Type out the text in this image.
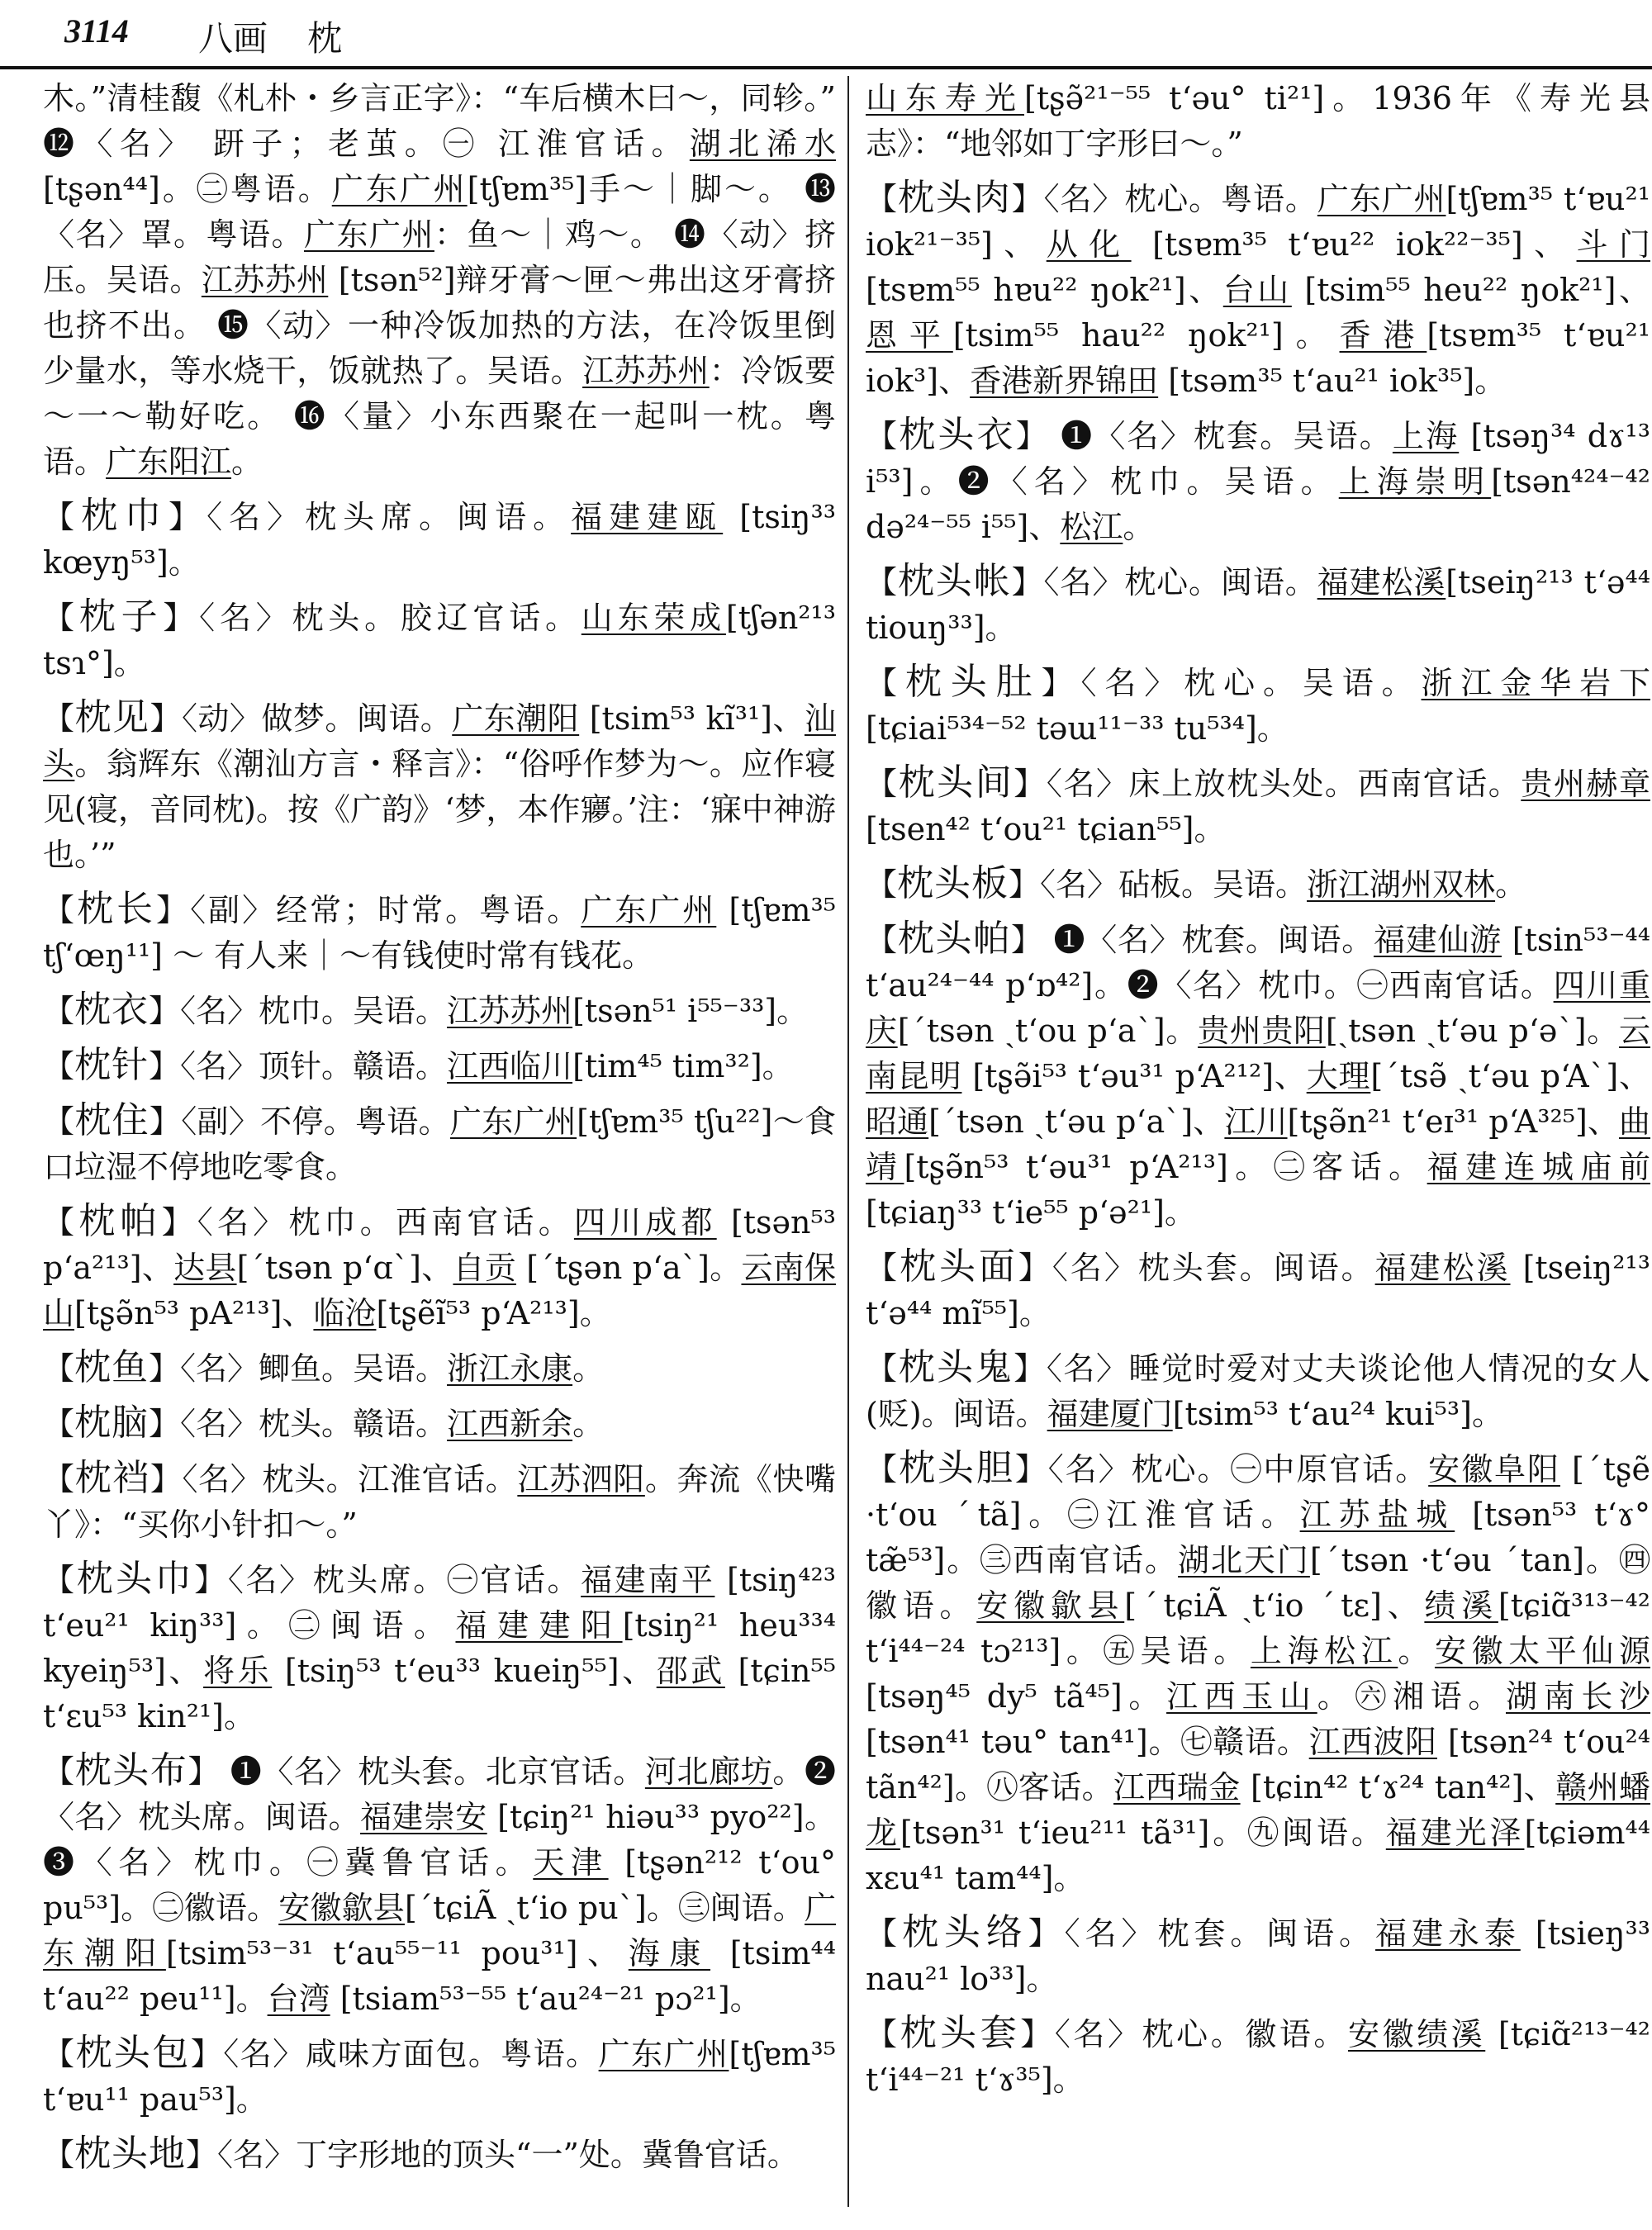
3114 八画 枕
木。”清桂馥《札朴・乡言正字》：“车后横木曰～，同轸。” ⓬〈名〉 趼子；老茧。㊀ 江淮官话。湖北浠水[tʂən⁴⁴]。㊁粤语。广东广州[tʃɐm³⁵]手～｜脚～。 ⓭〈名〉罩。粤语。广东广州：鱼～｜鸡～。 ⓮〈动〉挤压。吴语。江苏苏州 [tsən⁵²]辩牙膏～匣～弗出这牙膏挤也挤不出。 ⓯〈动〉一种冷饭加热的方法，在冷饭里倒少量水，等水烧干，饭就热了。吴语。江苏苏州：冷饭要～一～勒好吃。 ⓰〈量〉小东西聚在一起叫一枕。粤语。广东阳江。
【枕巾】〈名〉枕头席。闽语。福建建瓯 [tsiŋ³³ kœyŋ⁵³]。
【枕子】〈名〉枕头。胶辽官话。山东荣成[tʃən²¹³ tsɿ°]。
【枕见】〈动〉做梦。闽语。广东潮阳 [tsim⁵³ kĩ³¹]、汕头。翁辉东《潮汕方言・释言》：“俗呼作梦为～。应作寝见(寝，音同枕)。按《广韵》‘梦，本作㝱。’注：‘寐中神游也。’”
【枕长】〈副〉经常；时常。粤语。广东广州 [tʃɐm³⁵ tʃʻœŋ¹¹] ～ 有人来｜～有钱使时常有钱花。
【枕衣】〈名〉枕巾。吴语。江苏苏州[tsən⁵¹ i⁵⁵⁻³³]。
【枕针】〈名〉顶针。赣语。江西临川[tim⁴⁵ tim³²]。
【枕住】〈副〉不停。粤语。广东广州[tʃɐm³⁵ tʃu²²]～食口垃湿不停地吃零食。
【枕帕】〈名〉枕巾。西南官话。四川成都 [tsən⁵³ pʻa²¹³]、达县[ˊtsən pʻɑˋ]、自贡 [ˊtʂən pʻaˋ]。云南保山[tʂə̃n⁵³ pA²¹³]、临沧[tʂẽĩ⁵³ pʻA²¹³]。
【枕鱼】〈名〉鲫鱼。吴语。浙江永康。
【枕脑】〈名〉枕头。赣语。江西新余。
【枕裆】〈名〉枕头。江淮官话。江苏泗阳。奔流《快嘴丫》：“买你小针扣～。”
【枕头巾】〈名〉枕头席。㊀官话。福建南平 [tsiŋ⁴²³ tʻeu²¹ kiŋ³³]。㊁闽语。福建建阳[tsiŋ²¹ heu³³⁴ kyeiŋ⁵³]、将乐 [tsiŋ⁵³ tʻeu³³ kueiŋ⁵⁵]、邵武 [tɕin⁵⁵ tʻɛu⁵³ kin²¹]。
【枕头布】 ❶〈名〉枕头套。北京官话。河北廊坊。❷〈名〉枕头席。闽语。福建崇安 [tɕiŋ²¹ hiəu³³ pyo²²]。❸〈名〉枕巾。㊀冀鲁官话。天津 [tʂən²¹² tʻou° pu⁵³]。㊁徽语。安徽歙县[ˊtɕiÃ ˏtʻio puˋ]。㊂闽语。广东潮阳[tsim⁵³⁻³¹ tʻau⁵⁵⁻¹¹ pou³¹]、海康 [tsim⁴⁴ tʻau²² peu¹¹]。台湾 [tsiam⁵³⁻⁵⁵ tʻau²⁴⁻²¹ pɔ²¹]。
【枕头包】〈名〉咸味方面包。粤语。广东广州[tʃɐm³⁵ tʻɐu¹¹ pau⁵³]。
【枕头地】〈名〉丁字形地的顶头“一”处。冀鲁官话。
山东寿光[tʂə̃²¹⁻⁵⁵ tʻəu° ti²¹]。1936年《寿光县志》：“地邻如丁字形曰～。”
【枕头肉】〈名〉枕心。粤语。广东广州[tʃɐm³⁵ tʻɐu²¹ iok²¹⁻³⁵]、从化 [tsɐm³⁵ tʻɐu²² iok²²⁻³⁵]、斗门 [tsɐm⁵⁵ hɐu²² ŋok²¹]、台山 [tsim⁵⁵ heu²² ŋok²¹]、恩平[tsim⁵⁵ hau²² ŋok²¹]。香港[tsɐm³⁵ tʻɐu²¹ iok³]、香港新界锦田 [tsəm³⁵ tʻau²¹ iok³⁵]。
【枕头衣】 ❶〈名〉枕套。吴语。上海 [tsəŋ³⁴ dɤ¹³ i⁵³]。❷〈名〉枕巾。吴语。上海崇明[tsən⁴²⁴⁻⁴² də²⁴⁻⁵⁵ i⁵⁵]、松江。
【枕头帐】〈名〉枕心。闽语。福建松溪[tseiŋ²¹³ tʻə⁴⁴ tiouŋ³³]。
【枕头肚】〈名〉枕心。吴语。浙江金华岩下[tɕiai⁵³⁴⁻⁵² təɯ¹¹⁻³³ tu⁵³⁴]。
【枕头间】〈名〉床上放枕头处。西南官话。贵州赫章[tsen⁴² tʻou²¹ tɕian⁵⁵]。
【枕头板】〈名〉砧板。吴语。浙江湖州双林。
【枕头帕】 ❶〈名〉枕套。闽语。福建仙游 [tsin⁵³⁻⁴⁴ tʻau²⁴⁻⁴⁴ pʻɒ⁴²]。❷〈名〉枕巾。㊀西南官话。四川重庆[ˊtsən ˏtʻou pʻaˋ]。贵州贵阳[ˏtsən ˏtʻəu pʻəˋ]。云南昆明 [tʂə̃i⁵³ tʻəu³¹ pʻA²¹²]、大理[ˊtsə̃ ˏtʻəu pʻAˋ]、昭通[ˊtsən ˏtʻəu pʻaˋ]、江川[tʂə̃n²¹ tʻeɪ³¹ pʻA³²⁵]、曲靖[tʂə̃n⁵³ tʻəu³¹ pʻA²¹³]。㊁客话。福建连城庙前[tɕiaŋ³³ tʻie⁵⁵ pʻə²¹]。
【枕头面】〈名〉枕头套。闽语。福建松溪 [tseiŋ²¹³ tʻə⁴⁴ mĩ⁵⁵]。
【枕头鬼】〈名〉睡觉时爱对丈夫谈论他人情况的女人(贬)。闽语。福建厦门[tsim⁵³ tʻau²⁴ kui⁵³]。
【枕头胆】〈名〉枕心。㊀中原官话。安徽阜阳 [ˊtʂẽ ·tʻou ˊtã]。㊁江淮官话。江苏盐城 [tsən⁵³ tʻɤ° tæ̃⁵³]。㊂西南官话。湖北天门[ˊtsən ·tʻəu ˊtan]。㊃徽语。安徽歙县[ˊtɕiÃ ˏtʻio ˊtɛ]、绩溪[tɕiɑ̃³¹³⁻⁴² tʻi⁴⁴⁻²⁴ tɔ²¹³]。㊄吴语。上海松江。安徽太平仙源[tsəŋ⁴⁵ dy⁵ tã⁴⁵]。江西玉山。㊅湘语。湖南长沙[tsən⁴¹ təu° tan⁴¹]。㊆赣语。江西波阳 [tsən²⁴ tʻou²⁴ tãn⁴²]。㊇客话。江西瑞金 [tɕin⁴² tʻɤ²⁴ tan⁴²]、赣州蟠龙[tsən³¹ tʻieu²¹¹ tã³¹]。㊈闽语。福建光泽[tɕiəm⁴⁴ xɛu⁴¹ tam⁴⁴]。
【枕头络】〈名〉枕套。闽语。福建永泰 [tsieŋ³³ nau²¹ lo³³]。
【枕头套】〈名〉枕心。徽语。安徽绩溪 [tɕiɑ̃²¹³⁻⁴² tʻi⁴⁴⁻²¹ tʻɤ³⁵]。
